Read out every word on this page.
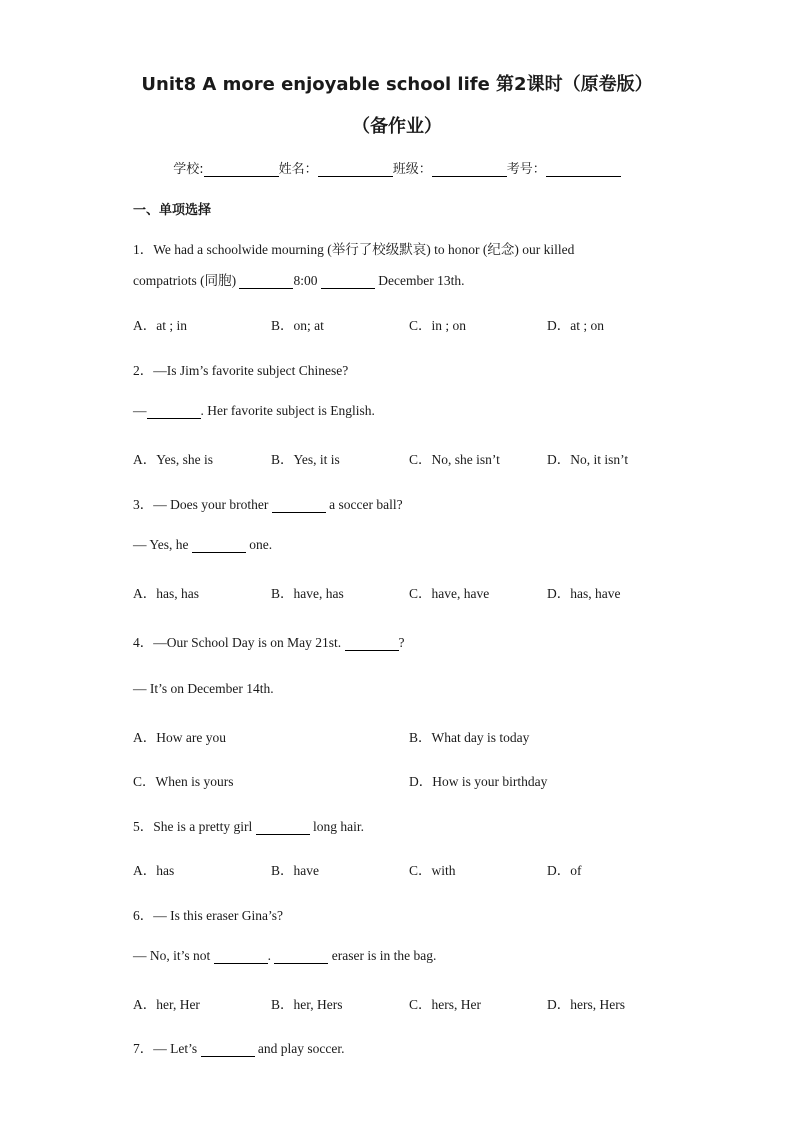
Unit8 A more enjoyable school life 第2课时（原卷版）
（备作业）
学校:	姓名：	班级：	考号：
一、单项选择
1．We had a schoolwide mourning (举行了校级默哀) to honor (纪念) our killed
compatriots (同胞)	8:00	December 13th.
A．at ; in	B．on; at	C．in ; on	D．at ; on
2．—Is Jim’s favorite subject Chinese?
—	. Her favorite subject is English.
A．Yes, she is	B．Yes, it is	C．No, she isn’t	D．No, it isn’t
3．— Does your brother	a soccer ball?
— Yes, he	one.
A．has, has	B．have, has	C．have, have	D．has, have
4．—Our School Day is on May 21st.	?
— It’s on December 14th.
A．How are you	B．What day is today
C．When is yours	D．How is your birthday
5．She is a pretty girl	long hair.
A．has	B．have	C．with	D．of
6．— Is this eraser Gina’s?
— No, it’s not	.	eraser is in the bag.
A．her, Her	B．her, Hers	C．hers, Her	D．hers, Hers
7．— Let’s	and play soccer.
